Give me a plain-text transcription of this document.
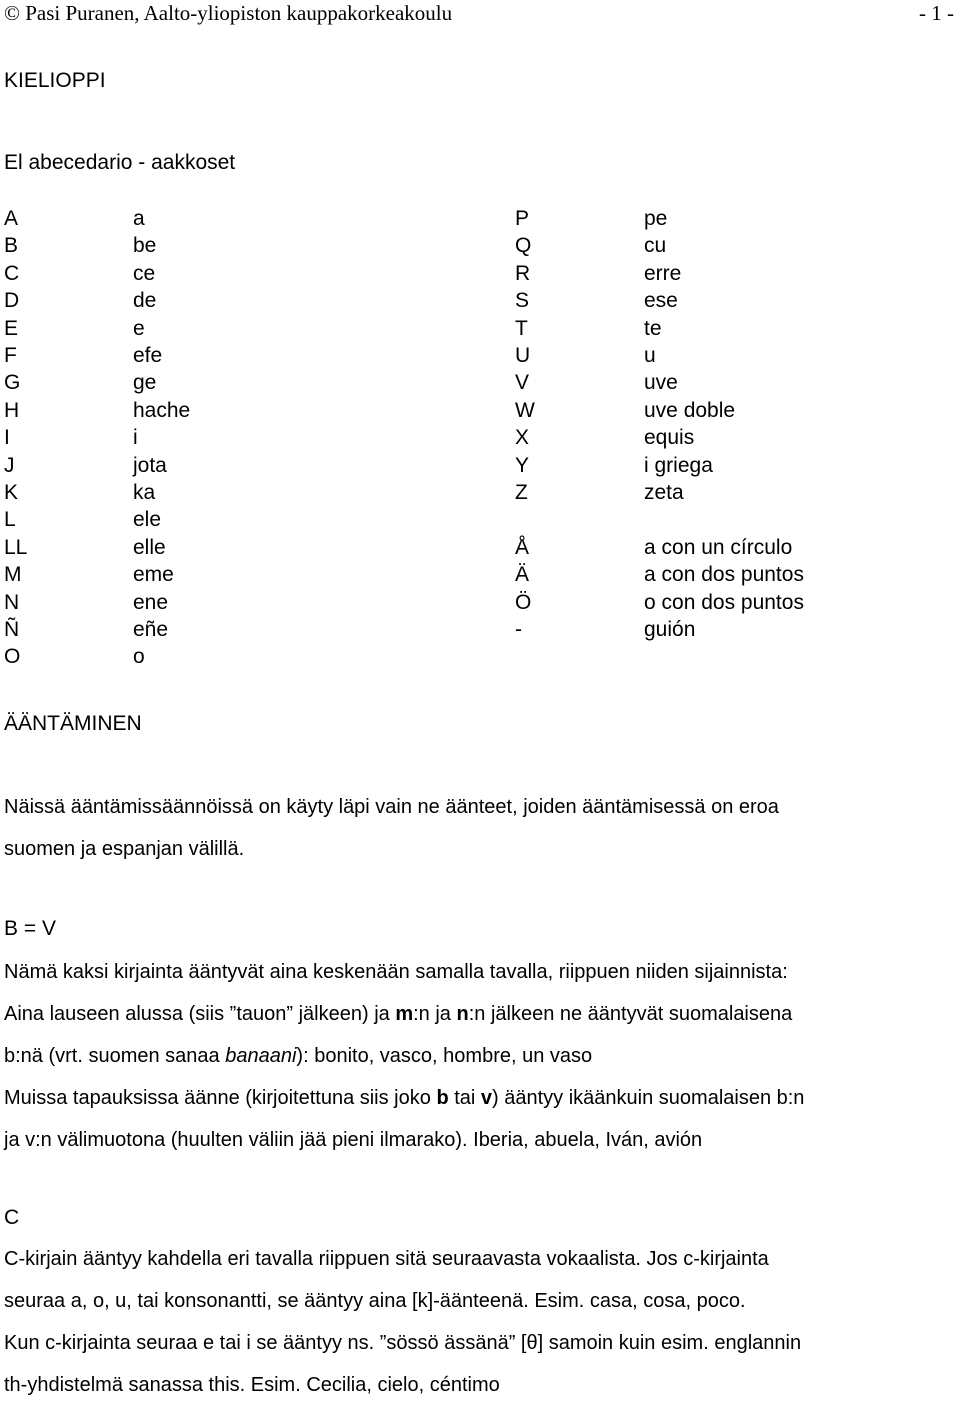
© Pasi Puranen, Aalto-yliopiston kauppakorkeakoulu	- 1 -
KIELIOPPI
El abecedario - aakkoset
A	a
B	be
C	ce
D	de
E	e
F	efe
G	ge
H	hache
I	i
J	jota
K	ka
L	ele
LL	elle
M	eme
N	ene
Ñ	eñe
O	o
P	pe
Q	cu
R	erre
S	ese
T	te
U	u
V	uve
W	uve doble
X	equis
Y	i griega
Z	zeta
Å	a con un círculo
Ä	a con dos puntos
Ö	o con dos puntos
-	guión
ÄÄNTÄMINEN
Näissä ääntämissäännöissä on käyty läpi vain ne äänteet, joiden ääntämisessä on eroa
suomen ja espanjan välillä.
B = V
Nämä kaksi kirjainta ääntyvät aina keskenään samalla tavalla, riippuen niiden sijainnista:
Aina lauseen alussa (siis ”tauon” jälkeen) ja m:n ja n:n jälkeen ne ääntyvät suomalaisena
b:nä (vrt. suomen sanaa banaani): bonito, vasco, hombre, un vaso
Muissa tapauksissa äänne (kirjoitettuna siis joko b tai v) ääntyy ikäänkuin suomalaisen b:n
ja v:n välimuotona (huulten väliin jää pieni ilmarako). Iberia, abuela, Iván, avión
C
C-kirjain ääntyy kahdella eri tavalla riippuen sitä seuraavasta vokaalista. Jos c-kirjainta
seuraa a, o, u, tai konsonantti, se ääntyy aina [k]-äänteenä. Esim. casa, cosa, poco.
Kun c-kirjainta seuraa e tai i se ääntyy ns. ”sössö ässänä” [θ] samoin kuin esim. englannin
th-yhdistelmä sanassa this. Esim. Cecilia, cielo, céntimo
